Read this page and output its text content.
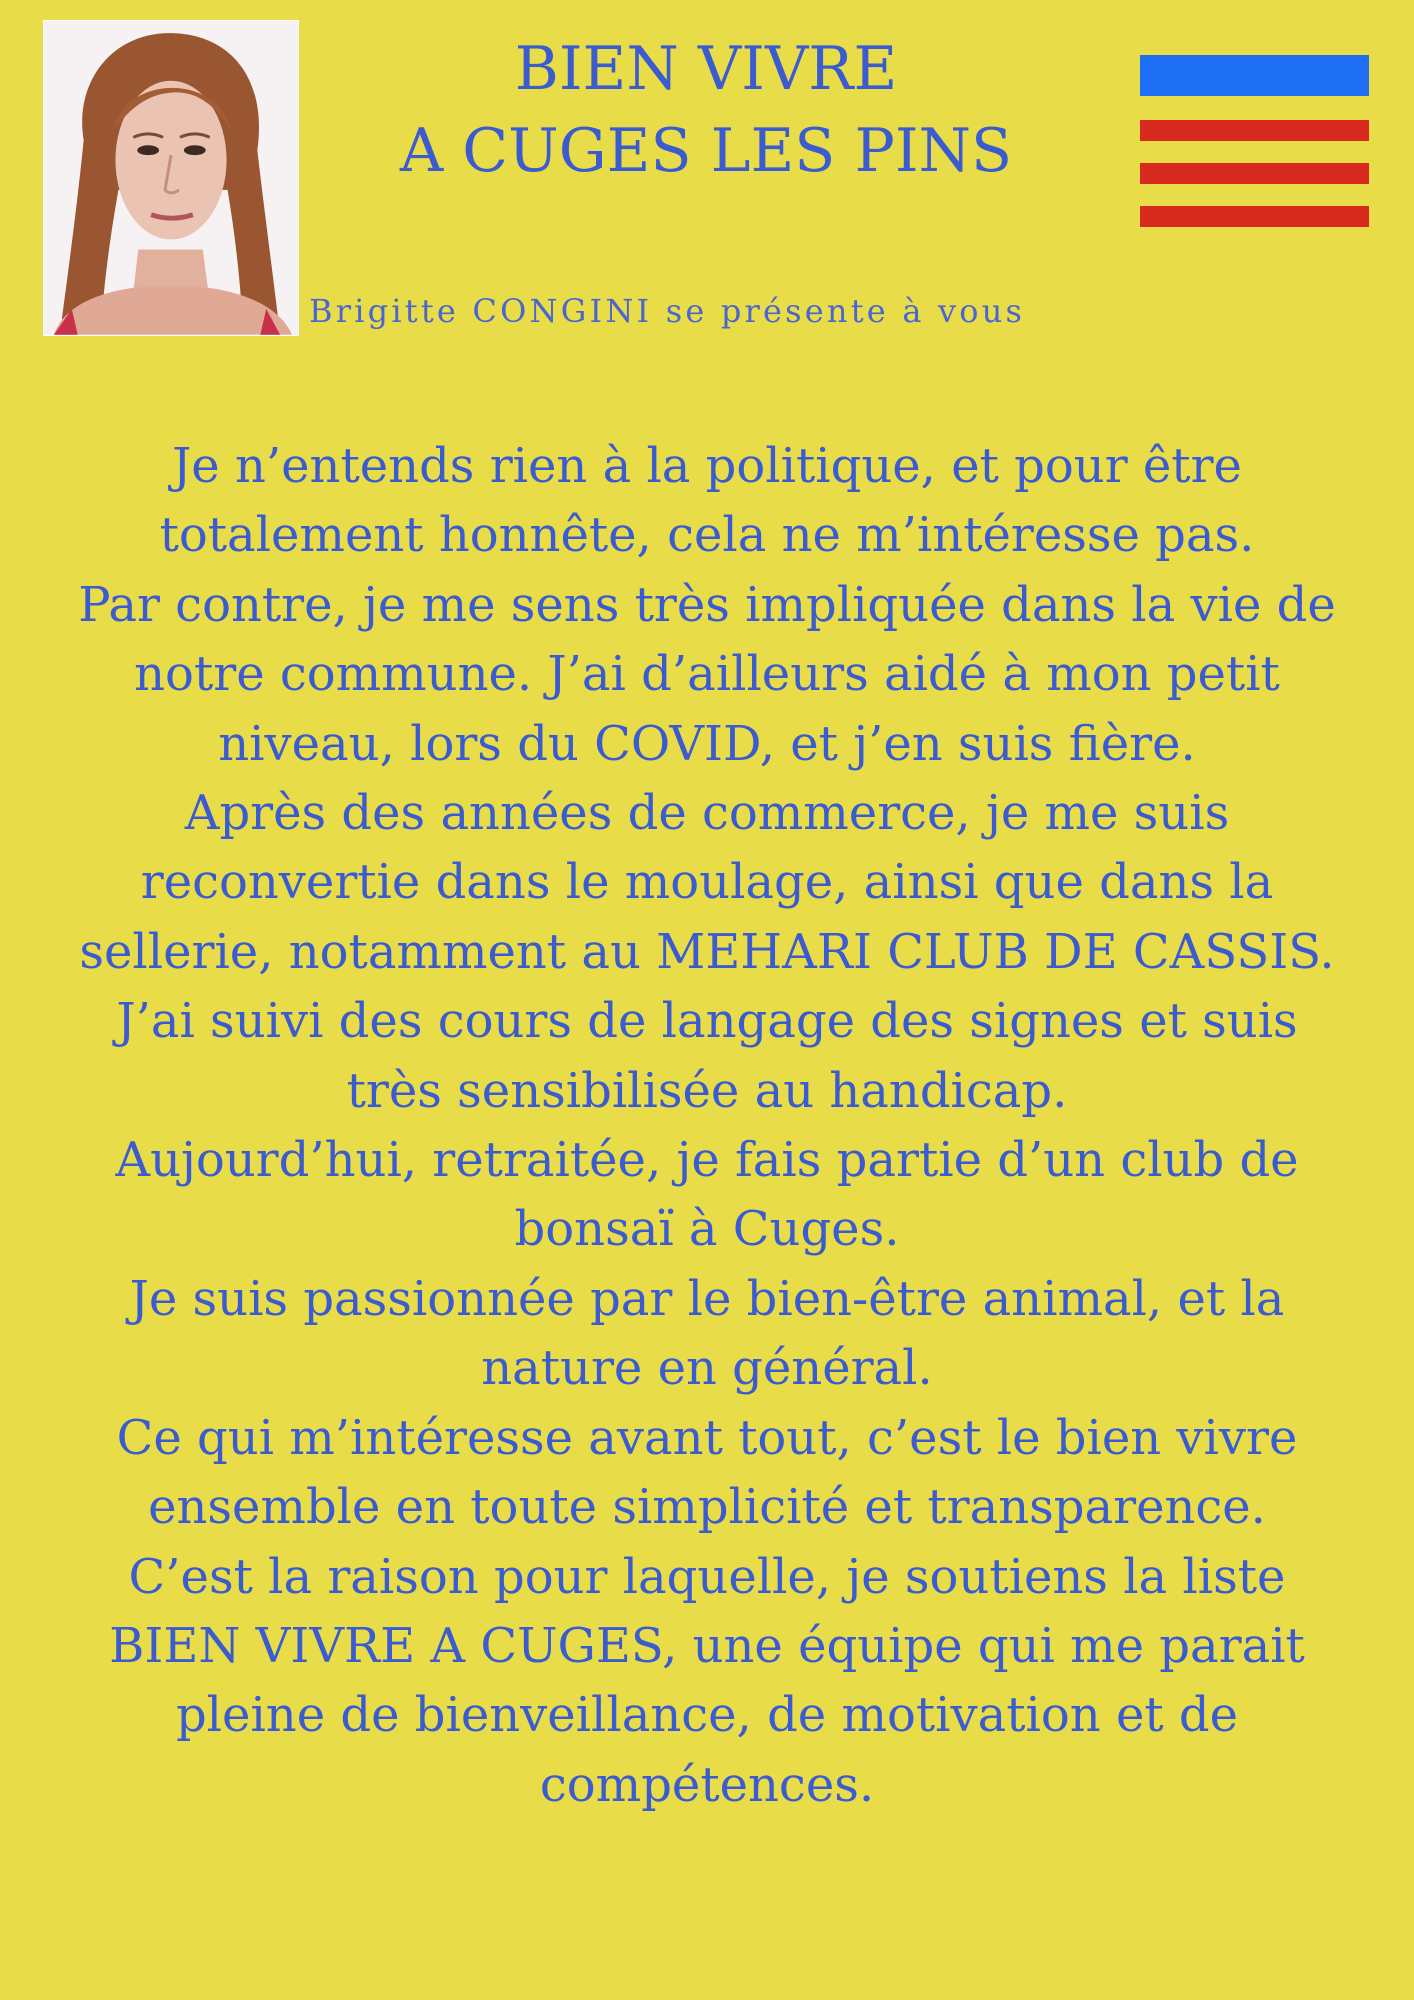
BIEN VIVRE
A CUGES LES PINS
Brigitte CONGINI se présente à vous
Je n’entends rien à la politique, et pour être
totalement honnête, cela ne m’intéresse pas.
Par contre, je me sens très impliquée dans la vie de
notre commune. J’ai d’ailleurs aidé à mon petit
niveau, lors du COVID, et j’en suis fière.
Après des années de commerce, je me suis
reconvertie dans le moulage, ainsi que dans la
sellerie, notamment au MEHARI CLUB DE CASSIS.
J’ai suivi des cours de langage des signes et suis
très sensibilisée au handicap.
Aujourd’hui, retraitée, je fais partie d’un club de
bonsaï à Cuges.
Je suis passionnée par le bien-être animal, et la
nature en général.
Ce qui m’intéresse avant tout, c’est le bien vivre
ensemble en toute simplicité et transparence.
C’est la raison pour laquelle, je soutiens la liste
BIEN VIVRE A CUGES, une équipe qui me parait
pleine de bienveillance, de motivation et de
compétences.
